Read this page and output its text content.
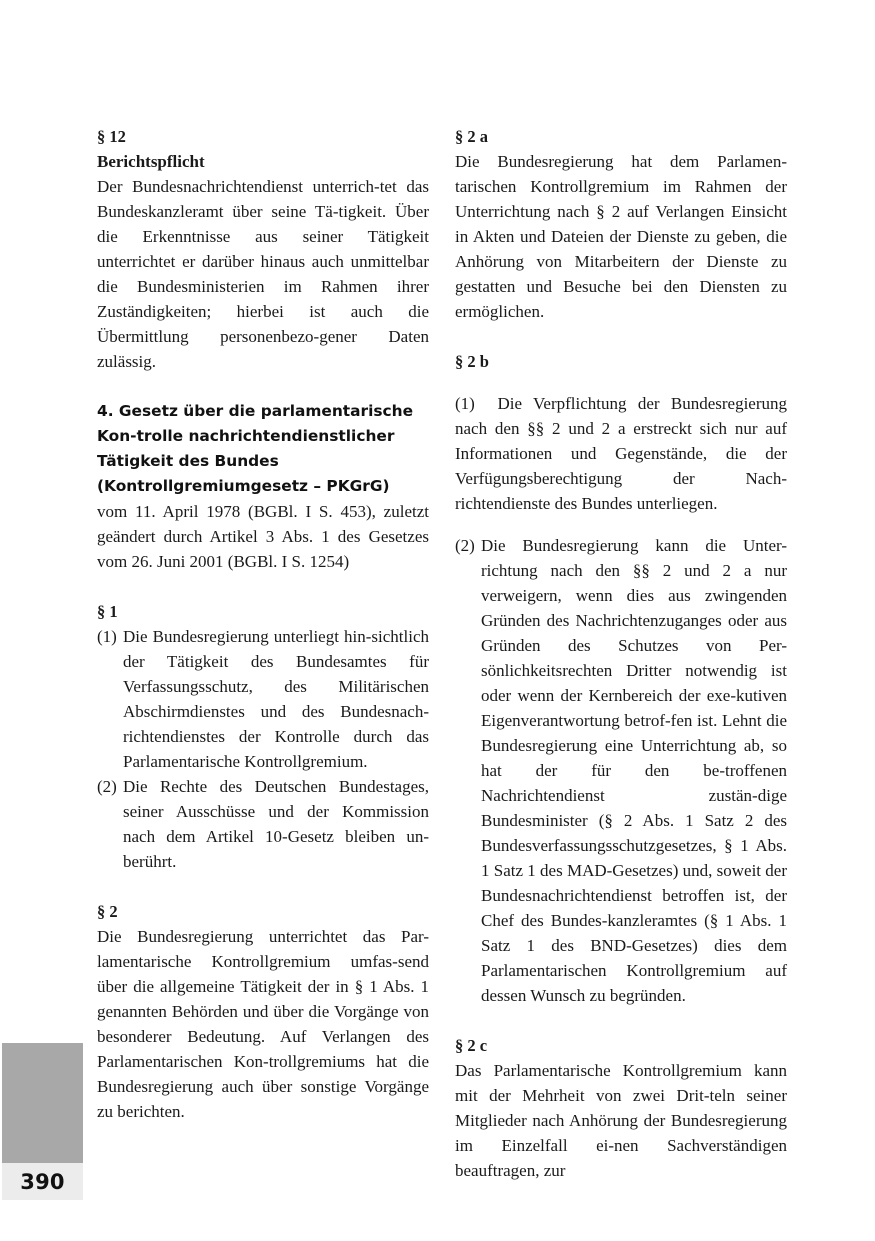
390

§ 12

Berichtspflicht

Der Bundesnachrichtendienst unterrich-tet das Bundeskanzleramt über seine Tä-tigkeit. Über die Erkenntnisse aus seiner Tätigkeit unterrichtet er darüber hinaus auch unmittelbar die Bundesministerien im Rahmen ihrer Zuständigkeiten; hierbei ist auch die Übermittlung personenbezo-gener Daten zulässig.

4. Gesetz über die parlamentarische Kon-trolle nachrichtendienstlicher Tätigkeit des Bundes (Kontrollgremiumgesetz – PKGrG)

vom 11. April 1978 (BGBl. I S. 453), zuletzt geändert durch Artikel 3 Abs. 1 des Gesetzes vom 26. Juni 2001 (BGBl. I S. 1254)

§ 1

(1) Die Bundesregierung unterliegt hin-sichtlich der Tätigkeit des Bundesamtes für Verfassungsschutz, des Militärischen Abschirmdienstes und des Bundesnach-richtendienstes der Kontrolle durch das Parlamentarische Kontrollgremium.
(2) Die Rechte des Deutschen Bundestages, seiner Ausschüsse und der Kommission nach dem Artikel 10-Gesetz bleiben un-berührt.

§ 2

Die Bundesregierung unterrichtet das Par-lamentarische Kontrollgremium umfas-send über die allgemeine Tätigkeit der in § 1 Abs. 1 genannten Behörden und über die Vorgänge von besonderer Bedeutung. Auf Verlangen des Parlamentarischen Kon-trollgremiums hat die Bundesregierung auch über sonstige Vorgänge zu berichten.

§ 2 a

Die Bundesregierung hat dem Parlamen-tarischen Kontrollgremium im Rahmen der Unterrichtung nach § 2 auf Verlangen Einsicht in Akten und Dateien der Dienste zu geben, die Anhörung von Mitarbeitern der Dienste zu gestatten und Besuche bei den Diensten zu ermöglichen.

§ 2 b

(1) Die Verpflichtung der Bundesregierung nach den §§ 2 und 2 a erstreckt sich nur auf Informationen und Gegenstände, die der Verfügungsberechtigung der Nach-richtendienste des Bundes unterliegen.

(2) Die Bundesregierung kann die Unter-richtung nach den §§ 2 und 2 a nur verweigern, wenn dies aus zwingenden Gründen des Nachrichtenzuganges oder aus Gründen des Schutzes von Per-sönlichkeitsrechten Dritter notwendig ist oder wenn der Kernbereich der exe-kutiven Eigenverantwortung betrof-fen ist. Lehnt die Bundesregierung eine Unterrichtung ab, so hat der für den be-troffenen Nachrichtendienst zustän-dige Bundesminister (§ 2 Abs. 1 Satz 2 des Bundesverfassungsschutzgesetzes, § 1 Abs. 1 Satz 1 des MAD-Gesetzes) und, soweit der Bundesnachrichtendienst betroffen ist, der Chef des Bundes-kanzleramtes (§ 1 Abs. 1 Satz 1 des BND-Gesetzes) dies dem Parlamentarischen Kontrollgremium auf dessen Wunsch zu begründen.

§ 2 c

Das Parlamentarische Kontrollgremium kann mit der Mehrheit von zwei Drit-teln seiner Mitglieder nach Anhörung der Bundesregierung im Einzelfall ei-nen Sachverständigen beauftragen, zur
